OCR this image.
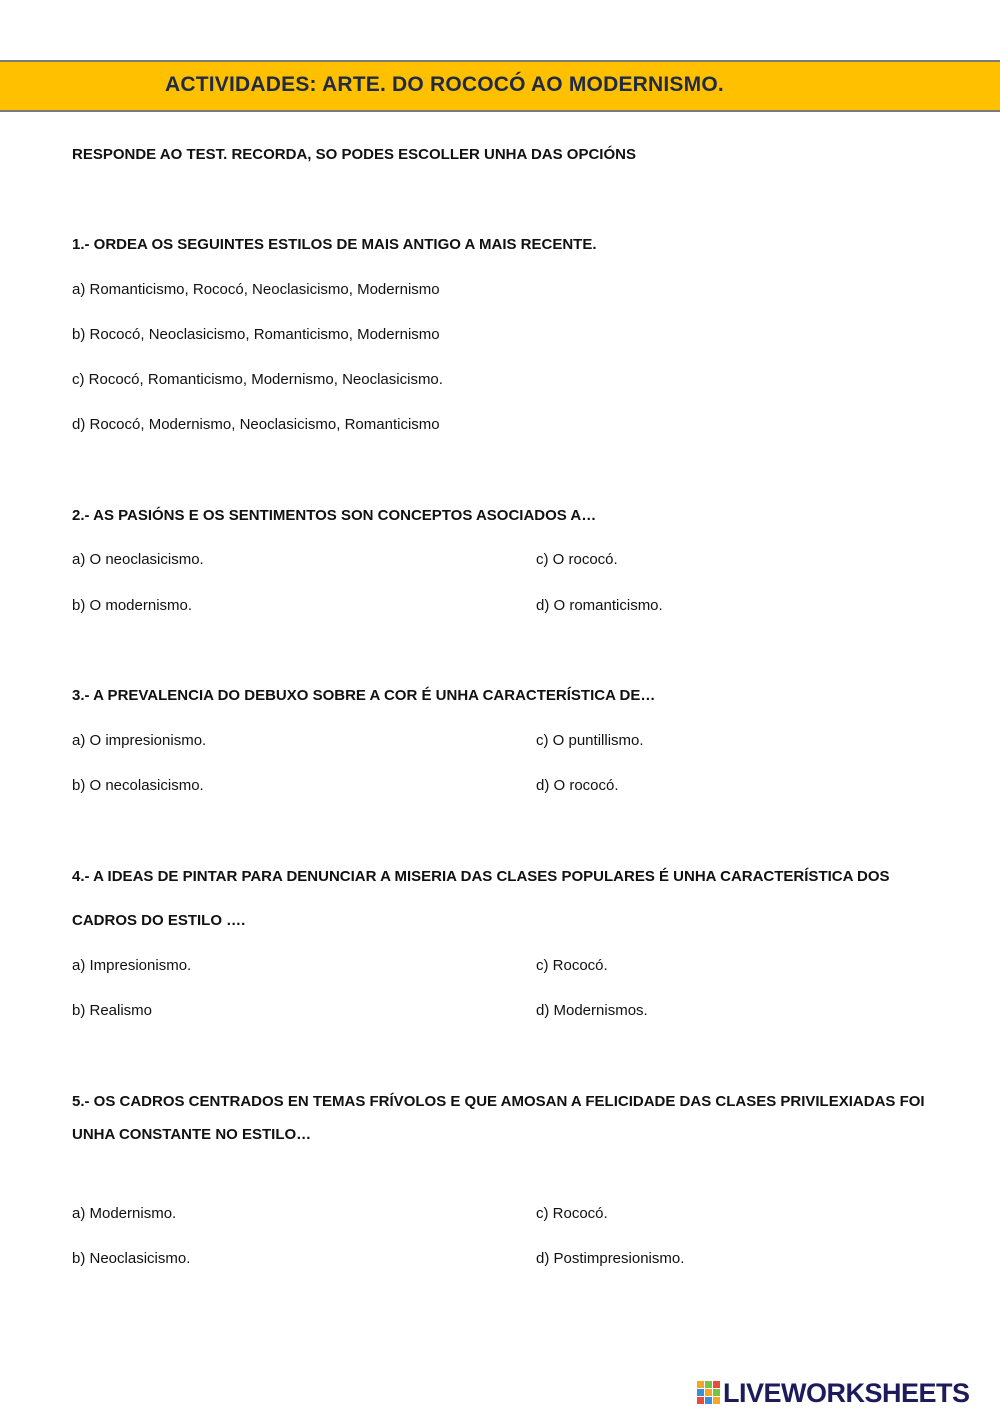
ACTIVIDADES: ARTE. DO ROCOCÓ AO MODERNISMO.

RESPONDE AO TEST. RECORDA, SO PODES ESCOLLER UNHA DAS OPCIÓNS

1.- ORDEA OS SEGUINTES ESTILOS DE MAIS ANTIGO A MAIS RECENTE.

a) Romanticismo, Rococó, Neoclasicismo, Modernismo

b) Rococó, Neoclasicismo, Romanticismo, Modernismo

c) Rococó, Romanticismo, Modernismo, Neoclasicismo.

d) Rococó, Modernismo, Neoclasicismo, Romanticismo

2.- AS PASIÓNS E OS SENTIMENTOS SON CONCEPTOS ASOCIADOS A…

a) O neoclasicismo.

b) O modernismo.

c) O rococó.

d) O romanticismo.

3.- A PREVALENCIA DO DEBUXO SOBRE A COR É UNHA CARACTERÍSTICA DE…

a) O impresionismo.

b) O necolasicismo.

c) O puntillismo.

d) O rococó.

4.- A IDEAS DE PINTAR PARA DENUNCIAR A MISERIA DAS CLASES POPULARES É UNHA CARACTERÍSTICA DOS

CADROS DO ESTILO ….

a) Impresionismo.

b) Realismo

c) Rococó.

d) Modernismos.

5.- OS CADROS CENTRADOS EN TEMAS FRÍVOLOS E QUE AMOSAN A FELICIDADE DAS CLASES PRIVILEXIADAS FOI

UNHA CONSTANTE NO ESTILO…

a) Modernismo.

b) Neoclasicismo.

c) Rococó.

d) Postimpresionismo.

LIVEWORKSHEETS
